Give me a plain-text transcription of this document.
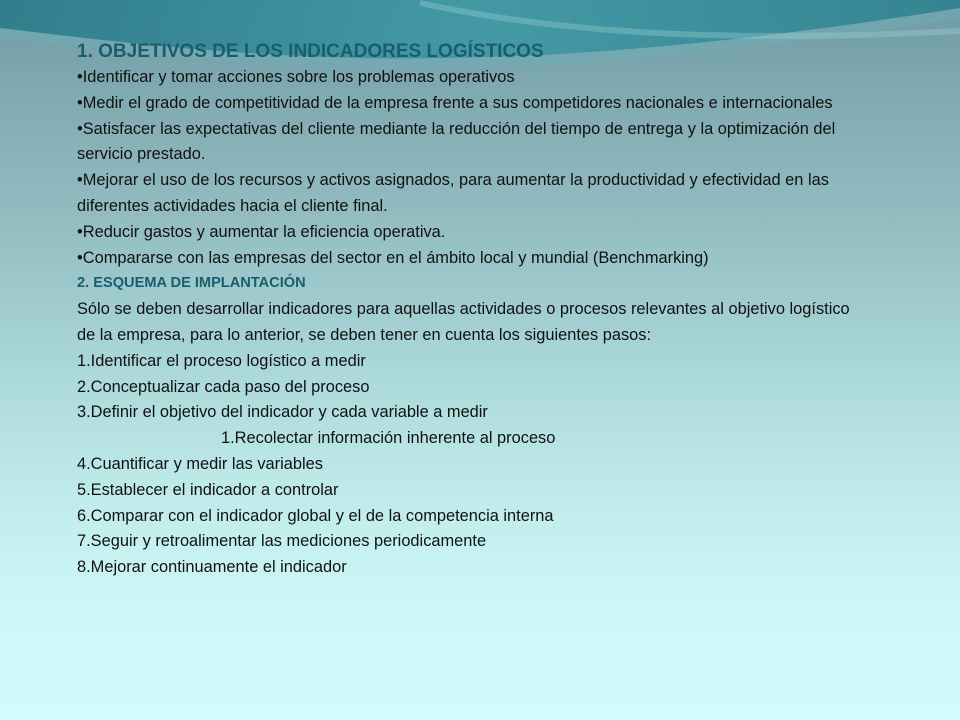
1. OBJETIVOS DE LOS INDICADORES LOGÍSTICOS

•Identificar y tomar acciones sobre los problemas operativos

•Medir el grado de competitividad de la empresa frente a sus competidores nacionales e internacionales

•Satisfacer las expectativas del cliente mediante la reducción del tiempo de entrega y la optimización del servicio prestado.

•Mejorar el uso de los recursos y activos asignados, para aumentar la productividad y efectividad en las diferentes actividades hacia el cliente final.

•Reducir gastos y aumentar la eficiencia operativa.

•Compararse con las empresas del sector en el ámbito local y mundial (Benchmarking)

2. ESQUEMA DE IMPLANTACIÓN

Sólo se deben desarrollar indicadores para aquellas actividades o procesos relevantes al objetivo logístico de la empresa, para lo anterior, se deben tener en cuenta los siguientes pasos:

1.Identificar el proceso logístico a medir

2.Conceptualizar cada paso del proceso

3.Definir el objetivo del indicador y cada variable a medir

1.Recolectar información inherente al proceso

4.Cuantificar y medir las variables

5.Establecer el indicador a controlar

6.Comparar con el indicador global y el de la competencia interna

7.Seguir y retroalimentar las mediciones periodicamente

8.Mejorar continuamente el indicador
